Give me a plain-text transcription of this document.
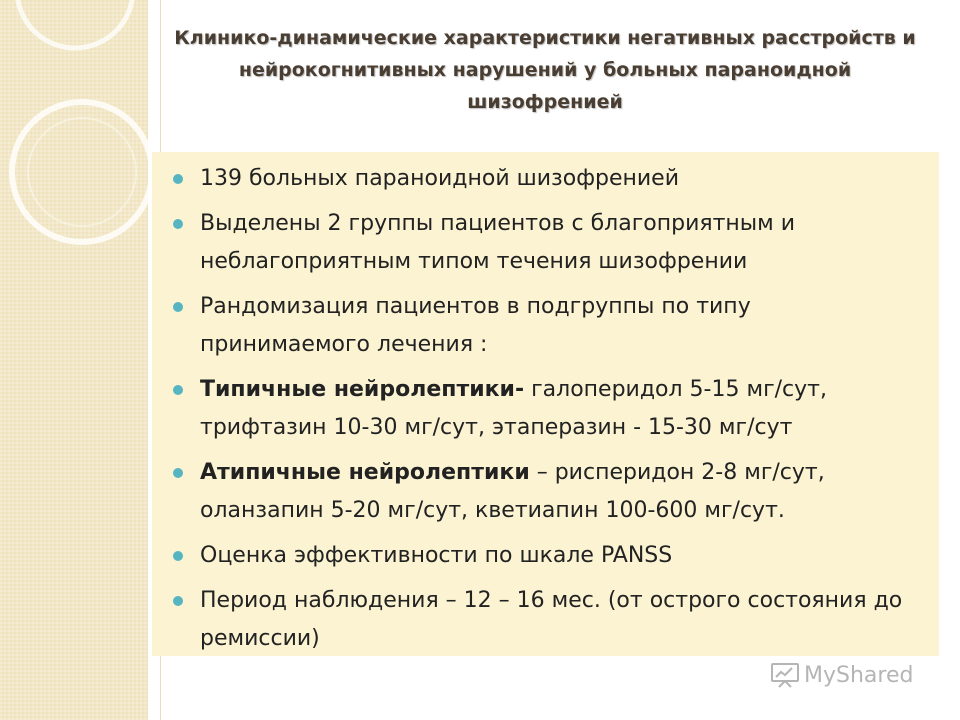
Клинико-динамические характеристики негативных расстройств и нейрокогнитивных нарушений у больных параноидной шизофренией
139 больных параноидной шизофренией
Выделены 2 группы пациентов с благоприятным и неблагоприятным типом течения шизофрении
Рандомизация пациентов в подгруппы по типу принимаемого лечения :
Типичные нейролептики- галоперидол 5-15 мг/сут, трифтазин 10-30 мг/сут, этаперазин - 15-30 мг/сут
Атипичные нейролептики – рисперидон 2-8 мг/сут, оланзапин 5-20 мг/сут, кветиапин 100-600 мг/сут.
Оценка эффективности по шкале PANSS
Период наблюдения – 12 – 16 мес. (от острого состояния до ремиссии)
MyShared
